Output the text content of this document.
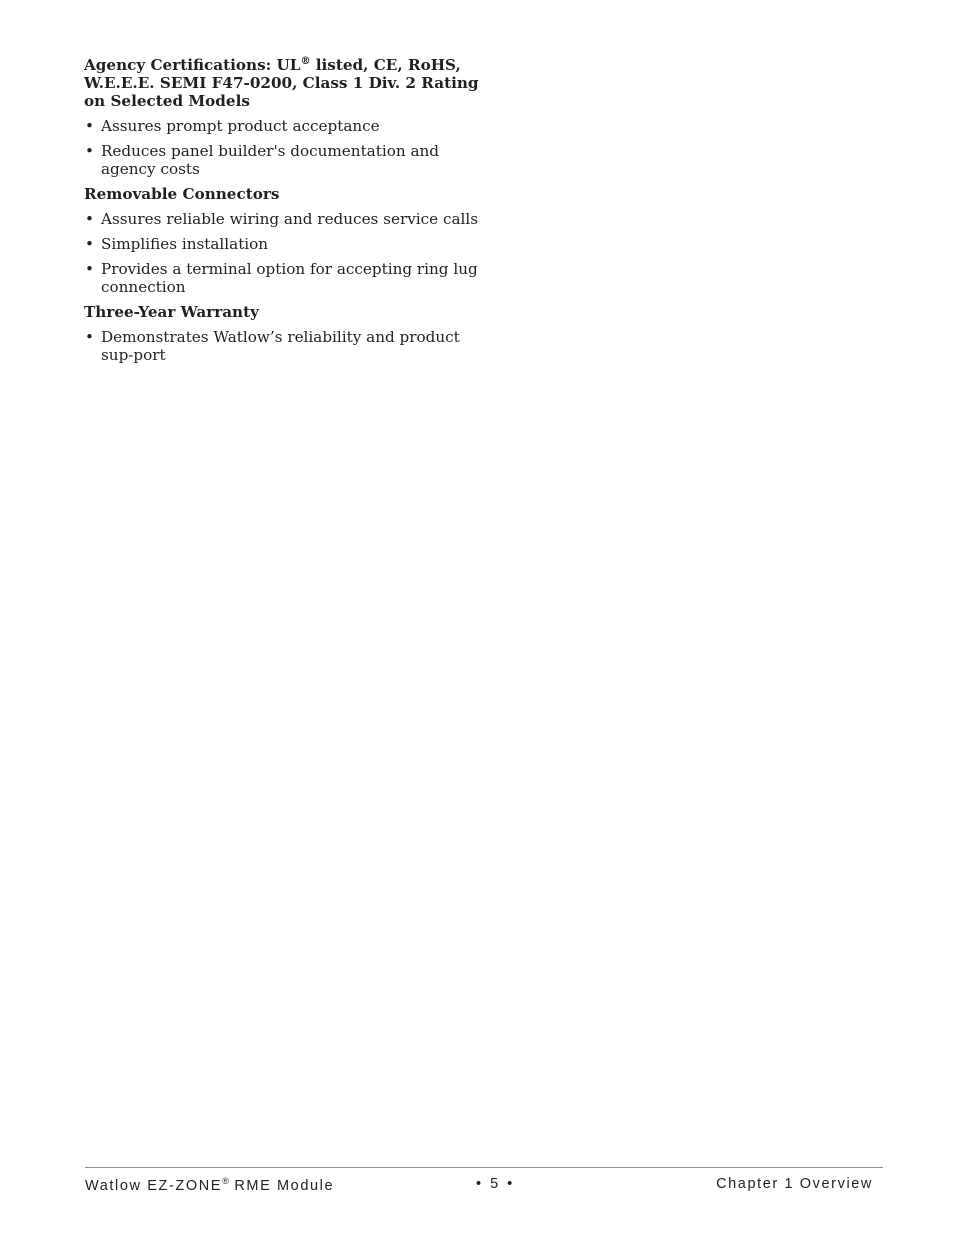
Agency Certifications: UL® listed, CE, RoHS, W.E.E.E. SEMI F47-0200, Class 1 Div. 2 Rating on Selected Models
• Assures prompt product acceptance
• Reduces panel builder's documentation and agency costs
Removable Connectors
• Assures reliable wiring and reduces service calls
• Simplifies installation
• Provides a terminal option for accepting ring lug connection
Three-Year Warranty
• Demonstrates Watlow’s reliability and product sup-port
Watlow EZ-ZONE® RME Module	• 5 •	Chapter 1 Overview
